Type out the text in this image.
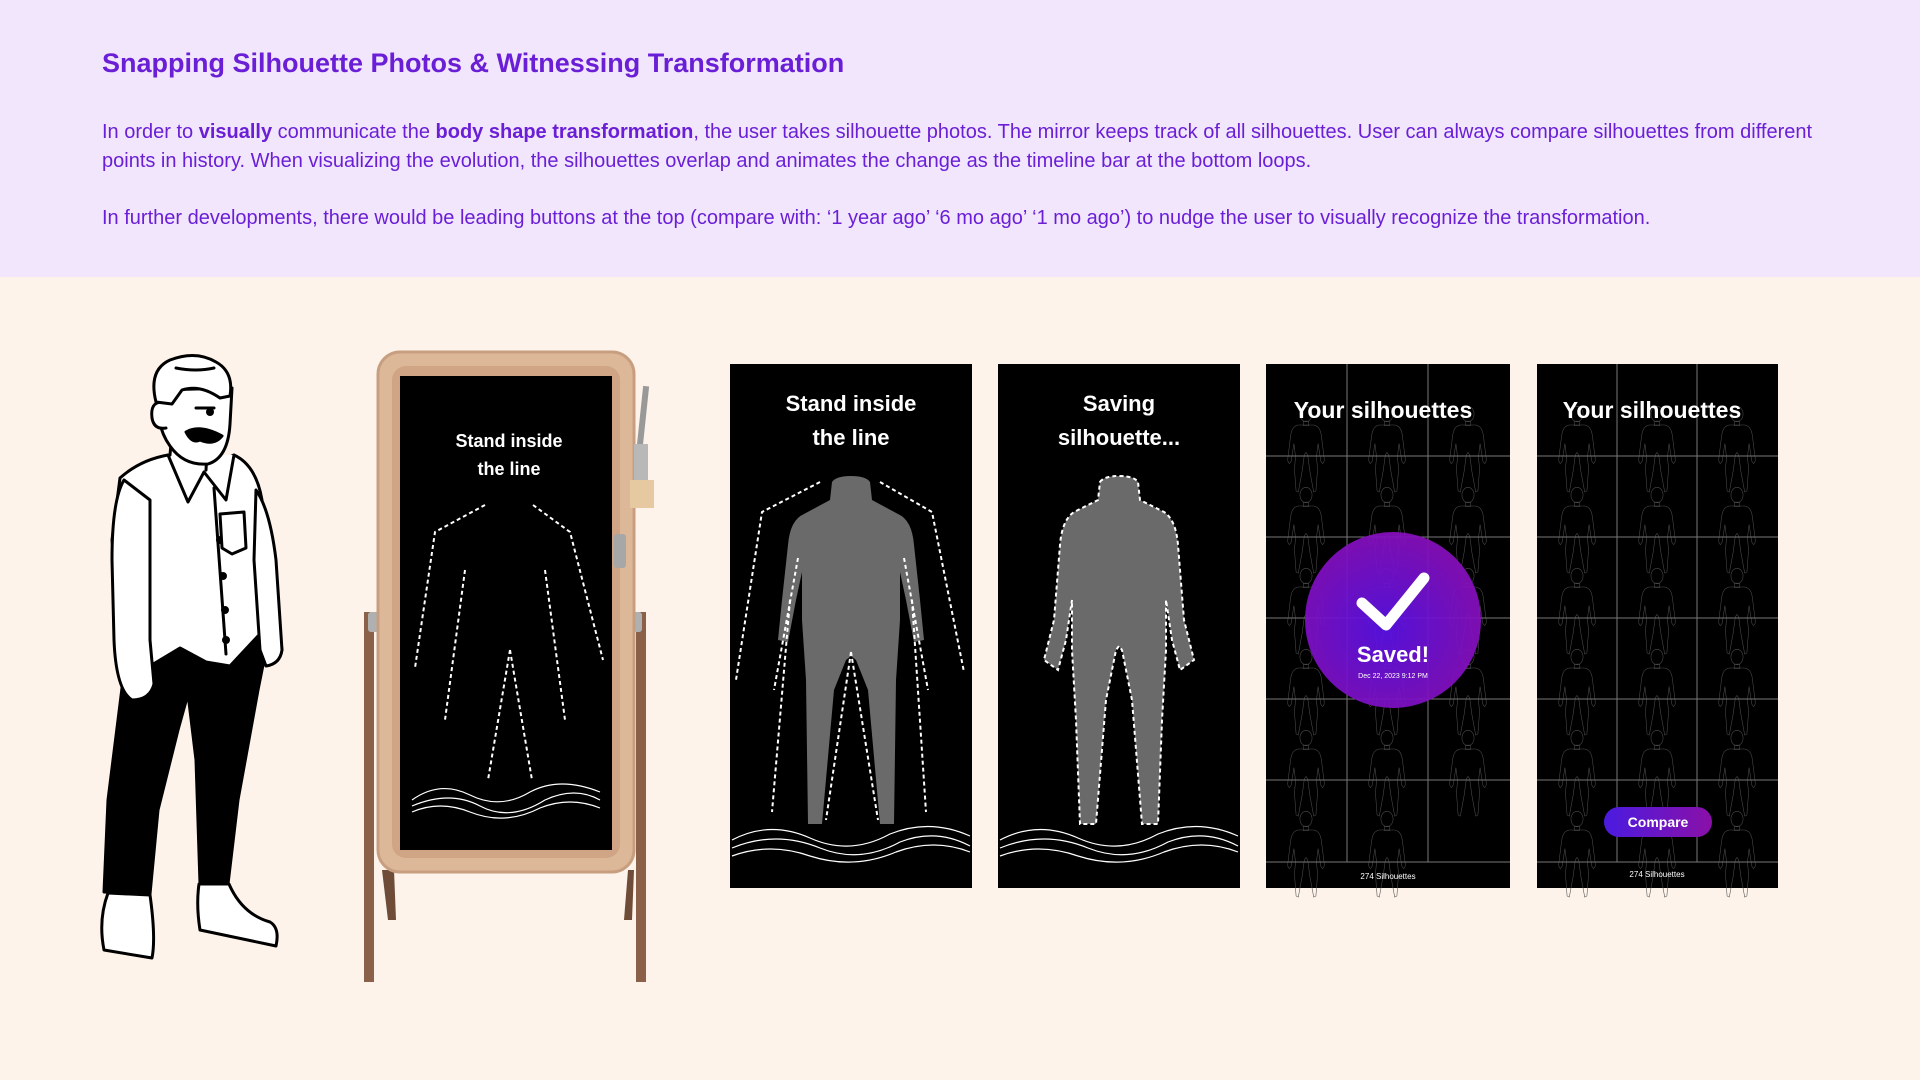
Snapping Silhouette Photos & Witnessing Transformation

In order to visually communicate the body shape transformation, the user takes silhouette photos. The mirror keeps track of all silhouettes. User can always compare silhouettes from different points in history. When visualizing the evolution, the silhouettes overlap and animates the change as the timeline bar at the bottom loops.

In further developments, there would be leading buttons at the top (compare with: ‘1 year ago’ ‘6 mo ago’ ‘1 mo ago’) to nudge the user to visually recognize the transformation.

Stand inside
the line
Stand inside
the line
Saving
silhouette...
Your silhouettes
Saved!
Dec 22, 2023 9:12 PM
274 Silhouettes
Your silhouettes
Compare
274 Silhouettes
